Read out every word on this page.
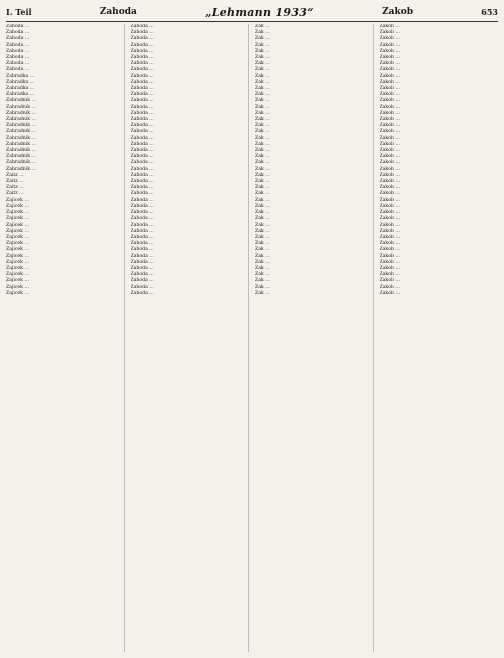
I. Teil	Zahoda	„Lehmann 1933“	Zakob	653
Zahoda …
Zahoda …
Zahoda …
Zahoda …
Zahoda …
Zahoda …
Zahoda …
Zahoda …
Zahradka …
Zahradka …
Zahradka …
Zahradka …
Zahradnik …
Zahradnik …
Zahradnik …
Zahradnik …
Zahradnik …
Zahradnik …
Zahradnik …
Zahradnik …
Zahradnik …
Zahradnik …
Zahradnik …
Zahradnik …
Zaitz …
Zaitz …
Zaitz …
Zaitz …
Zajicek …
Zajicek …
Zajicek …
Zajicek …
Zajicek …
Zajicek …
Zajicek …
Zajicek …
Zajicek …
Zajicek …
Zajicek …
Zajicek …
Zajicek …
Zajicek …
Zajicek …
Zajicek …
Zahoda …
Zahoda …
Zahoda …
Zahoda …
Zahoda …
Zahoda …
Zahoda …
Zahoda …
Zahoda …
Zahoda …
Zahoda …
Zahoda …
Zahoda …
Zahoda …
Zahoda …
Zahoda …
Zahoda …
Zahoda …
Zahoda …
Zahoda …
Zahoda …
Zahoda …
Zahoda …
Zahoda …
Zahoda …
Zahoda …
Zahoda …
Zahoda …
Zahoda …
Zahoda …
Zahoda …
Zahoda …
Zahoda …
Zahoda …
Zahoda …
Zahoda …
Zahoda …
Zahoda …
Zahoda …
Zahoda …
Zahoda …
Zahoda …
Zahoda …
Zahoda …
Zak …
Zak …
Zak …
Zak …
Zak …
Zak …
Zak …
Zak …
Zak …
Zak …
Zak …
Zak …
Zak …
Zak …
Zak …
Zak …
Zak …
Zak …
Zak …
Zak …
Zak …
Zak …
Zak …
Zak …
Zak …
Zak …
Zak …
Zak …
Zak …
Zak …
Zak …
Zak …
Zak …
Zak …
Zak …
Zak …
Zak …
Zak …
Zak …
Zak …
Zak …
Zak …
Zak …
Zak …
Zakob …
Zakob …
Zakob …
Zakob …
Zakob …
Zakob …
Zakob …
Zakob …
Zakob …
Zakob …
Zakob …
Zakob …
Zakob …
Zakob …
Zakob …
Zakob …
Zakob …
Zakob …
Zakob …
Zakob …
Zakob …
Zakob …
Zakob …
Zakob …
Zakob …
Zakob …
Zakob …
Zakob …
Zakob …
Zakob …
Zakob …
Zakob …
Zakob …
Zakob …
Zakob …
Zakob …
Zakob …
Zakob …
Zakob …
Zakob …
Zakob …
Zakob …
Zakob …
Zakob …
